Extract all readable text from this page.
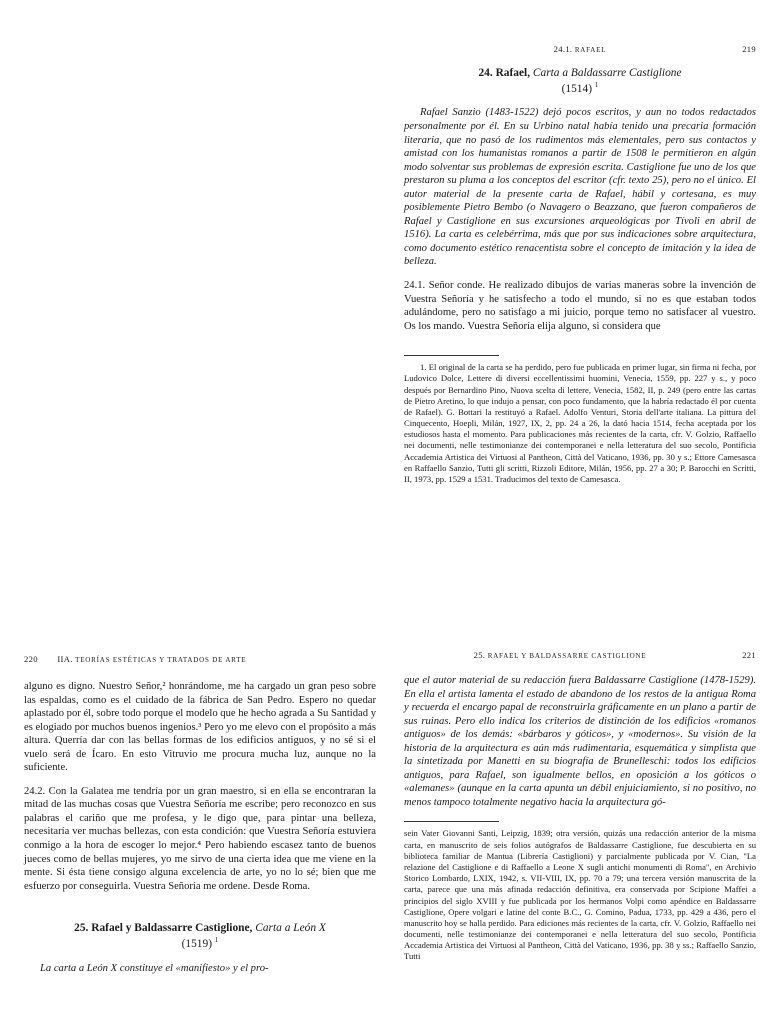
24.1. RAFAEL	219
24. Rafael, Carta a Baldassarre Castiglione
(1514) $^1$

Rafael Sanzio (1483-1522) dejó pocos escritos, y aun no todos redactados personalmente por él. En su Urbino natal había tenido una precaria formación literaria, que no pasó de los rudimentos más elementales, pero sus contactos y amistad con los humanistas romanos a partir de 1508 le permitieron en algún modo solventar sus problemas de expresión escrita. Castiglione fue uno de los que prestaron su pluma a los conceptos del escritor (cfr. texto 25), pero no el único. El autor material de la presente carta de Rafael, hábil y cortesana, es muy posiblemente Pietro Bembo (o Navagero o Beazzano, que fueron compañeros de Rafael y Castiglione en sus excursiones arqueológicas por Tívoli en abril de 1516). La carta es celebérrima, más que por sus indicaciones sobre arquitectura, como documento estético renacentista sobre el concepto de imitación y la idea de belleza.

24.1. Señor conde. He realizado dibujos de varias maneras sobre la invención de Vuestra Señoría y he satisfecho a todo el mundo, si no es que estaban todos adulándome, pero no satisfago a mi juicio, porque temo no satisfacer al vuestro. Os los mando. Vuestra Señoría elija alguno, si considera que

1. El original de la carta se ha perdido, pero fue publicada en primer lugar, sin firma ni fecha, por Ludovico Dolce, Lettere di diversi eccellentissimi huomini, Venecia, 1559, pp. 227 y s., y poco después por Bernardino Pino, Nuova scelta di lettere, Venecia, 1582, II, p. 249 (pero entre las cartas de Pietro Aretino, lo que indujo a pensar, con poco fundamento, que la habría redactado él por cuenta de Rafael). G. Bottari la restituyó a Rafael. Adolfo Venturi, Storia dell'arte italiana. La pittura del Cinquecento, Hoepli, Milán, 1927, IX, 2, pp. 24 a 26, la dató hacia 1514, fecha aceptada por los estudiosos hasta el momento. Para publicaciones más recientes de la carta, cfr. V. Golzio, Raffaello nei documenti, nelle testimonianze dei contemporanei e nella letteratura del suo secolo, Pontificia Accademia Artistica dei Virtuosi al Pantheon, Città del Vaticano, 1936, pp. 30 y s.; Ettore Camesasca en Raffaello Sanzio, Tutti gli scritti, Rizzoli Editore, Milán, 1956, pp. 27 a 30; P. Barocchi en Scritti, II, 1973, pp. 1529 a 1531. Traducimos del texto de Camesasca.

220 IIA. TEORÍAS ESTÉTICAS Y TRATADOS DE ARTE

alguno es digno. Nuestro Señor,² honrándome, me ha cargado un gran peso sobre las espaldas, como es el cuidado de la fábrica de San Pedro. Espero no quedar aplastado por él, sobre todo porque el modelo que he hecho agrada a Su Santidad y es elogiado por muchos buenos ingenios.³ Pero yo me elevo con el propósito a más altura. Querría dar con las bellas formas de los edificios antiguos, y no sé si el vuelo será de Ícaro. En esto Vitruvio me procura mucha luz, aunque no la suficiente.

24.2. Con la Galatea me tendría por un gran maestro, si en ella se encontraran la mitad de las muchas cosas que Vuestra Señoría me escribe; pero reconozco en sus palabras el cariño que me profesa, y le digo que, para pintar una belleza, necesitaría ver muchas bellezas, con esta condición: que Vuestra Señoría estuviera conmigo a la hora de escoger lo mejor.⁴ Pero habiendo escasez tanto de buenos jueces como de bellas mujeres, yo me sirvo de una cierta idea que me viene en la mente. Si ésta tiene consigo alguna excelencia de arte, yo no lo sé; bien que me esfuerzo por conseguirla. Vuestra Señoría me ordene. Desde Roma.

25. Rafael y Baldassarre Castiglione, Carta a León X
(1519) $^1$

La carta a León X constituye el «manifiesto» y el pro-

25. RAFAEL Y BALDASSARRE CASTIGLIONE	221

que el autor material de su redacción fuera Baldassarre Castiglione (1478-1529). En ella el artista lamenta el estado de abandono de los restos de la antigua Roma y recuerda el encargo papal de reconstruirla gráficamente en un plano a partir de sus ruinas. Pero ello indica los criterios de distinción de los edificios «romanos antiguos» de los demás: «bárbaros y góticos», y «modernos». Su visión de la historia de la arquitectura es aún más rudimentaria, esquemática y simplista que la sintetizada por Manetti en su biografía de Brunelleschi: todos los edificios antiguos, para Rafael, son igualmente bellos, en oposición a los góticos o «alemanes» (aunque en la carta apunta un débil enjuiciamiento, si no positivo, no menos tampoco totalmente negativo hacia la arquitectura gó-

sein Vater Giovanni Santi, Leipzig, 1839; otra versión, quizás una redacción anterior de la misma carta, en manuscrito de seis folios autógrafos de Baldassarre Castiglione, fue descubierta en su biblioteca familiar de Mantua (Librería Castiglioni) y parcialmente publicada por V. Cian, "La relazione del Castiglione e di Raffaello a Leone X sugli antichi monumenti di Roma", en Archivio Storico Lombardo, LXIX, 1942, s. VII-VIII, IX, pp. 70 a 79; una tercera versión manuscrita de la carta, parece que una más afinada redacción definitiva, era conservada por Scipione Maffei a principios del siglo XVIII y fue publicada por los hermanos Volpi como apéndice en Baldassarre Castiglione, Opere volgari e latine del conte B.C., G. Comino, Padua, 1733, pp. 429 a 436, pero el manuscrito hoy se halla perdido. Para ediciones más recientes de la carta, cfr. V. Golzio, Raffaello nei documenti, nelle testimonianze dei contemporanei e nella letteratura del suo secolo, Pontificia Accademia Artistica dei Virtuosi al Pantheon, Città del Vaticano, 1936, pp. 38 y ss.; Raffaello Sanzio, Tutti
